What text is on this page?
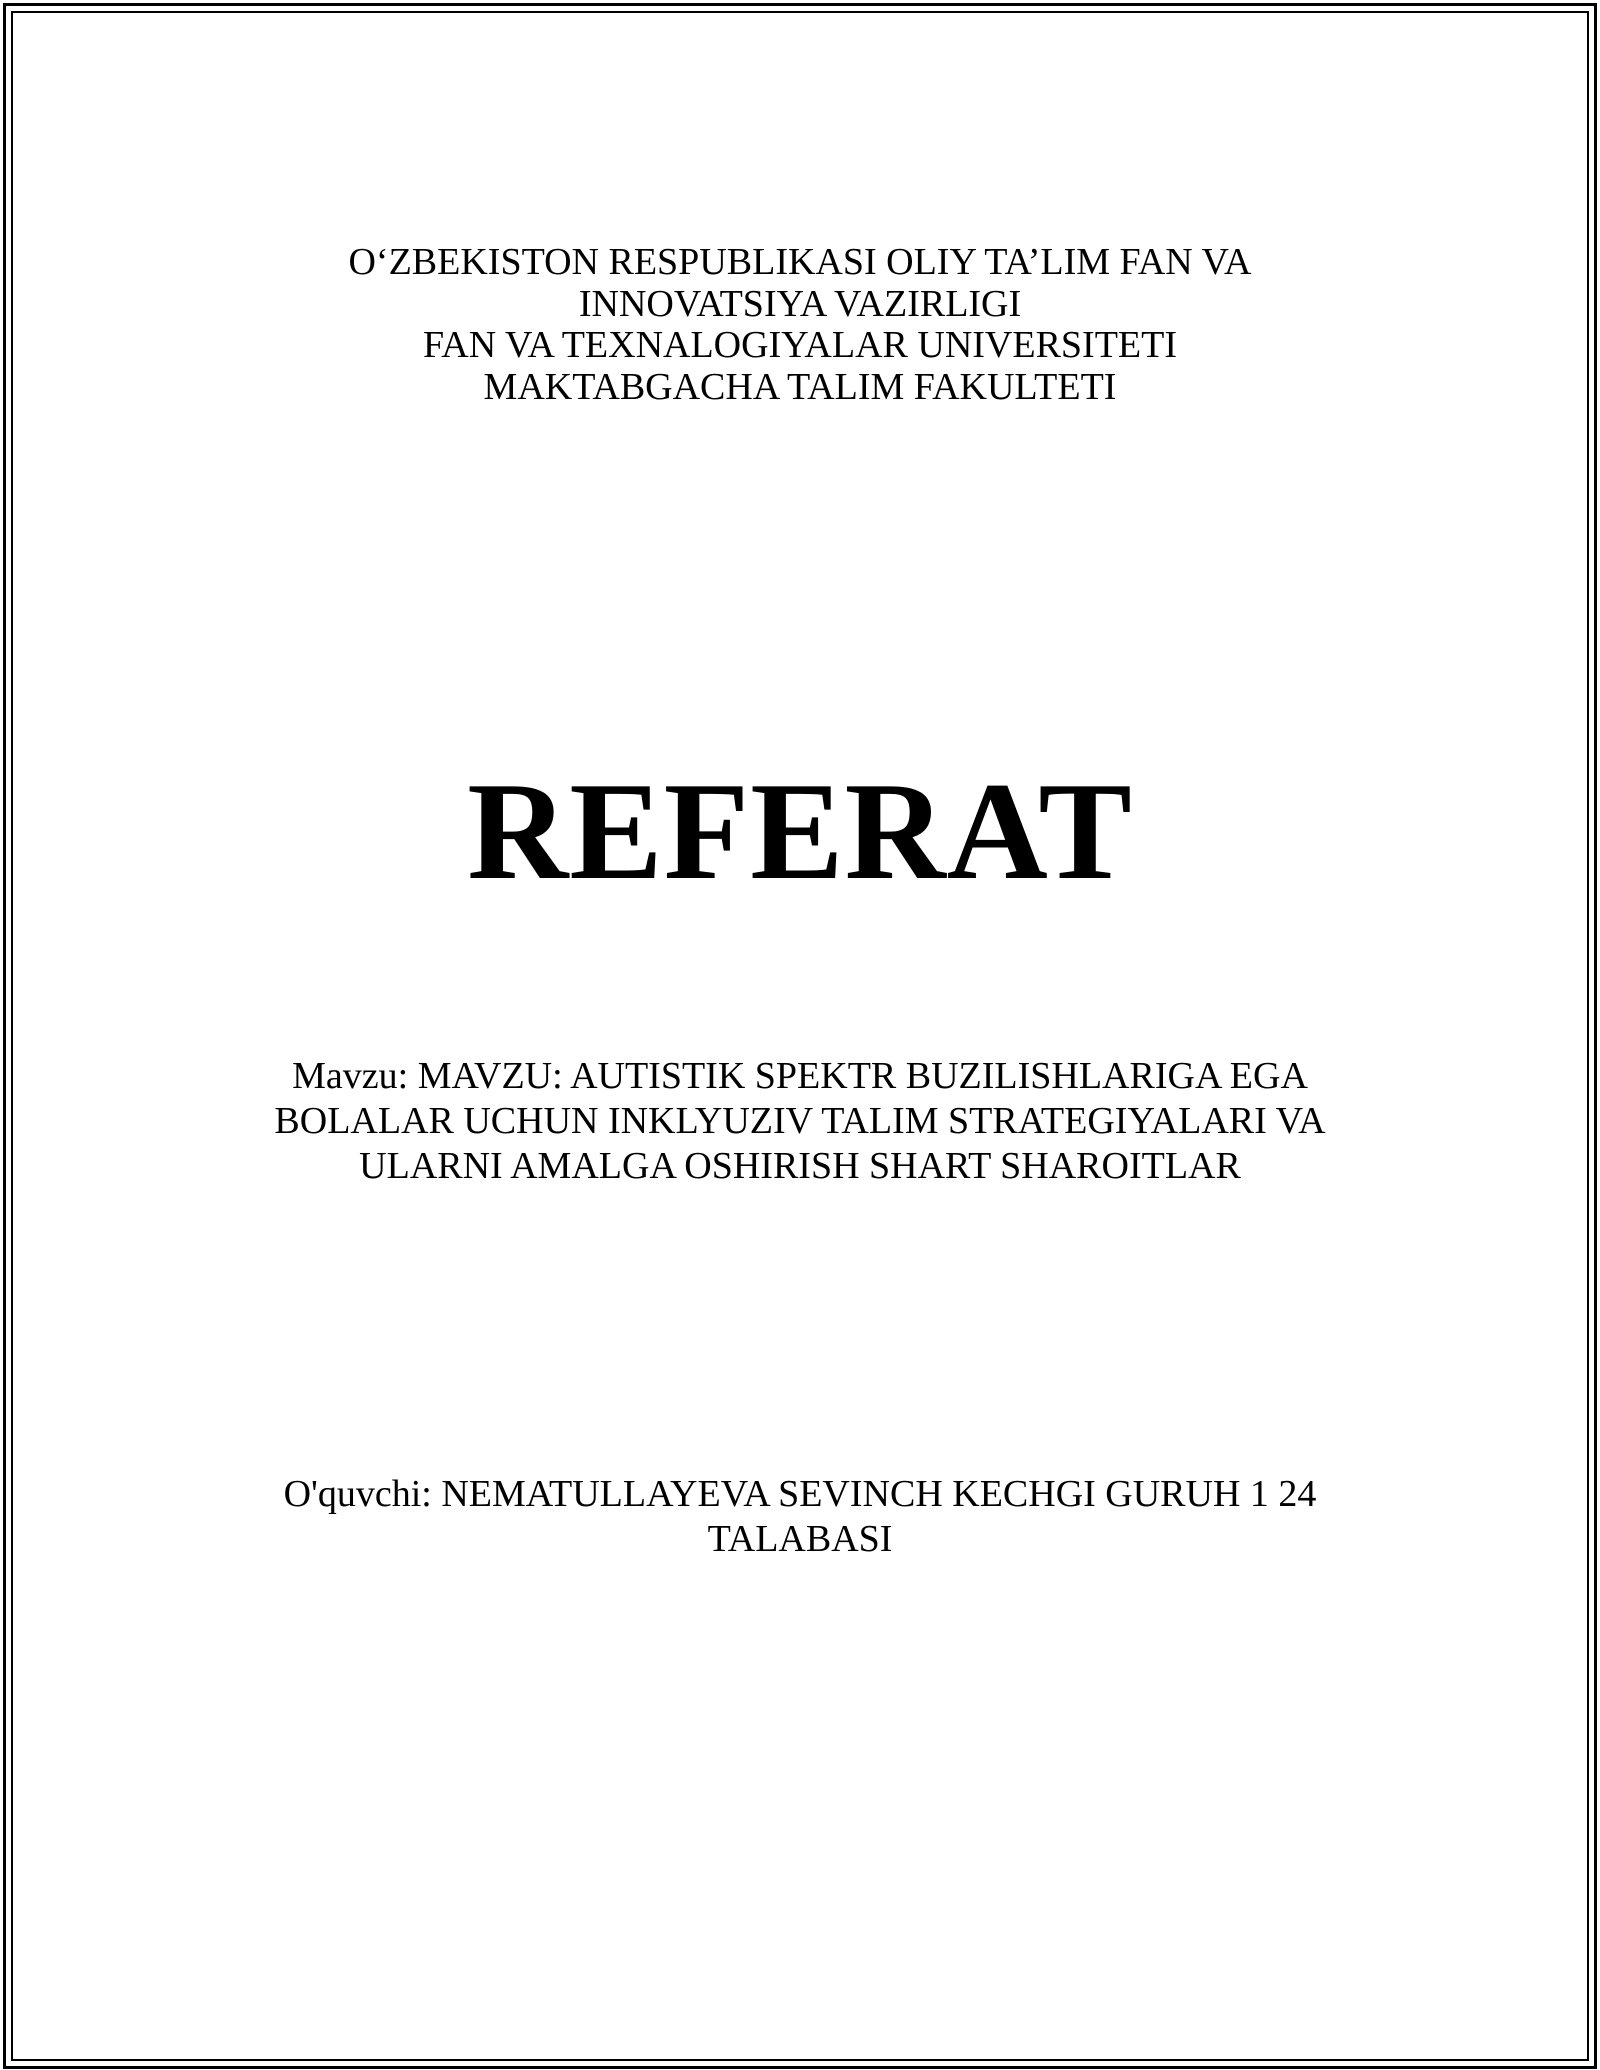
O‘ZBEKISTON RESPUBLIKASI OLIY TA’LIM FAN VA
INNOVATSIYA VAZIRLIGI
FAN VA TEXNALOGIYALAR UNIVERSITETI
MAKTABGACHA TALIM FAKULTETI
REFERAT
Mavzu: MAVZU: AUTISTIK SPEKTR BUZILISHLARIGA EGA
BOLALAR UCHUN INKLYUZIV TALIM STRATEGIYALARI VA
ULARNI AMALGA OSHIRISH SHART SHAROITLAR
O'quvchi: NEMATULLAYEVA SEVINCH KECHGI GURUH 1 24
TALABASI
